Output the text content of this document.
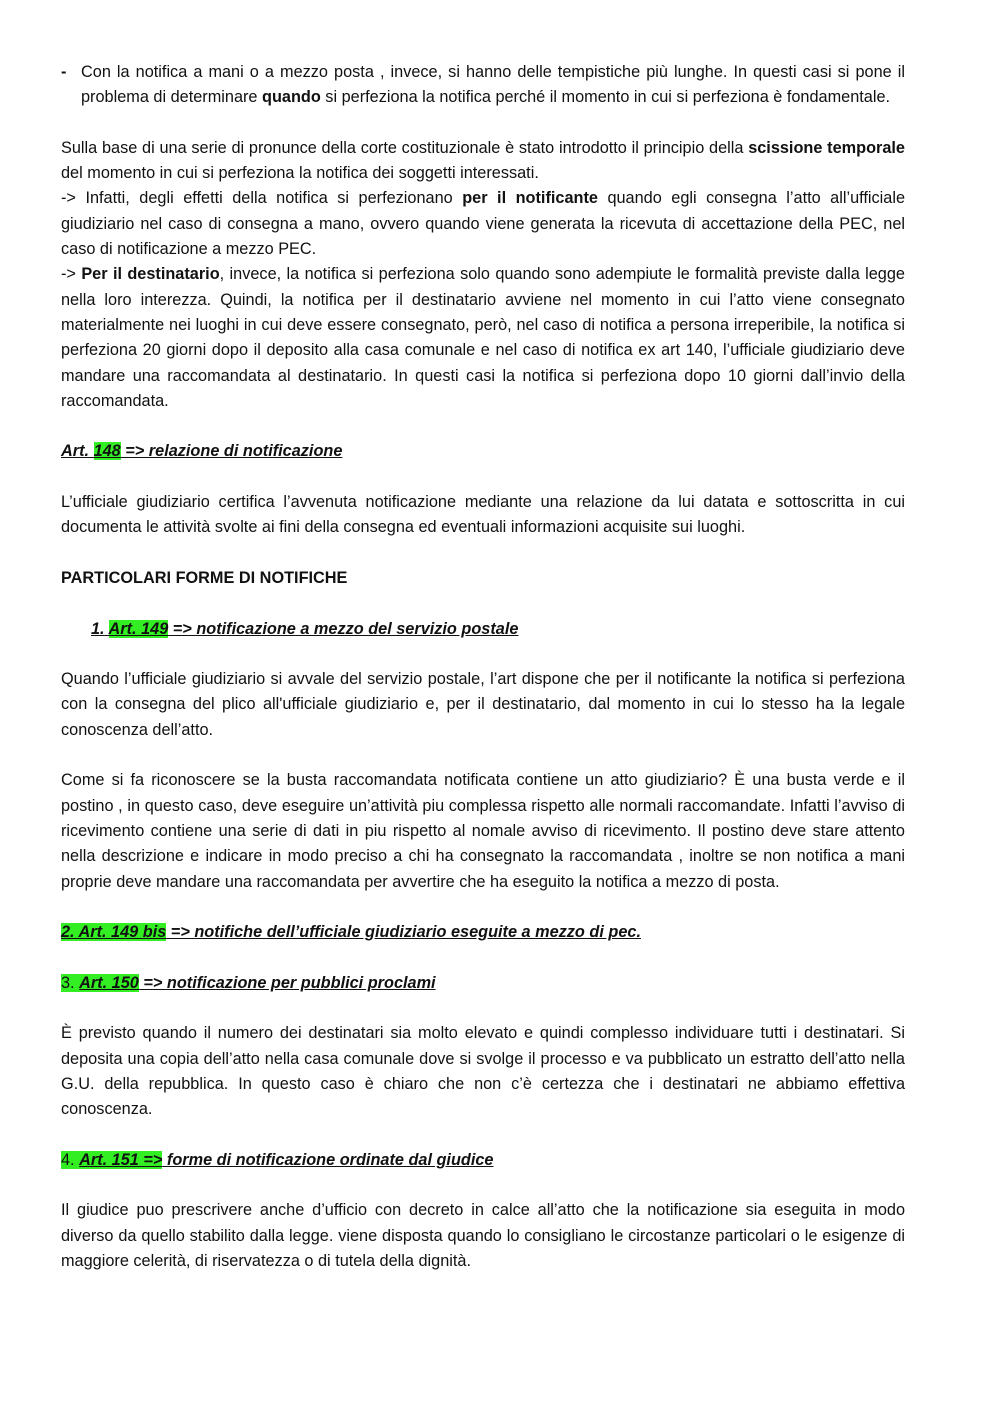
- Con la notifica a mani o a mezzo posta , invece, si hanno delle tempistiche più lunghe. In questi casi si pone il problema di determinare quando si perfeziona la notifica perché il momento in cui si perfeziona è fondamentale.

Sulla base di una serie di pronunce della corte costituzionale è stato introdotto il principio della scissione temporale del momento in cui si perfeziona la notifica dei soggetti interessati.

-> Infatti, degli effetti della notifica si perfezionano per il notificante quando egli consegna l’atto all’ufficiale giudiziario nel caso di consegna a mano, ovvero quando viene generata la ricevuta di accettazione della PEC, nel caso di notificazione a mezzo PEC.

-> Per il destinatario, invece, la notifica si perfeziona solo quando sono adempiute le formalità previste dalla legge nella loro interezza. Quindi, la notifica per il destinatario avviene nel momento in cui l’atto viene consegnato materialmente nei luoghi in cui deve essere consegnato, però, nel caso di notifica a persona irreperibile, la notifica si perfeziona 20 giorni dopo il deposito alla casa comunale e nel caso di notifica ex art 140, l’ufficiale giudiziario deve mandare una raccomandata al destinatario. In questi casi la notifica si perfeziona dopo 10 giorni dall’invio della raccomandata.

Art. 148 => relazione di notificazione

L’ufficiale giudiziario certifica l’avvenuta notificazione mediante una relazione da lui datata e sottoscritta in cui documenta le attività svolte ai fini della consegna ed eventuali informazioni acquisite sui luoghi.

PARTICOLARI FORME DI NOTIFICHE

1. Art. 149 => notificazione a mezzo del servizio postale

Quando l’ufficiale giudiziario si avvale del servizio postale, l’art dispone che per il notificante la notifica si perfeziona con la consegna del plico all'ufficiale giudiziario e, per il destinatario, dal momento in cui lo stesso ha la legale conoscenza dell’atto.

Come si fa riconoscere se la busta raccomandata notificata contiene un atto giudiziario? È una busta verde e il postino , in questo caso, deve eseguire un’attività piu complessa rispetto alle normali raccomandate. Infatti l’avviso di ricevimento contiene una serie di dati in piu rispetto al nomale avviso di ricevimento. Il postino deve stare attento nella descrizione e indicare in modo preciso a chi ha consegnato la raccomandata , inoltre se non notifica a mani proprie deve mandare una raccomandata per avvertire che ha eseguito la notifica a mezzo di posta.

2. Art. 149 bis => notifiche dell’ufficiale giudiziario eseguite a mezzo di pec.

3. Art. 150 => notificazione per pubblici proclami

È previsto quando il numero dei destinatari sia molto elevato e quindi complesso individuare tutti i destinatari. Si deposita una copia dell’atto nella casa comunale dove si svolge il processo e va pubblicato un estratto dell’atto nella G.U. della repubblica. In questo caso è chiaro che non c’è certezza che i destinatari ne abbiamo effettiva conoscenza.

4. Art. 151 => forme di notificazione ordinate dal giudice

Il giudice puo prescrivere anche d’ufficio con decreto in calce all’atto che la notificazione sia eseguita in modo diverso da quello stabilito dalla legge. viene disposta quando lo consigliano le circostanze particolari o le esigenze di maggiore celerità, di riservatezza o di tutela della dignità.
